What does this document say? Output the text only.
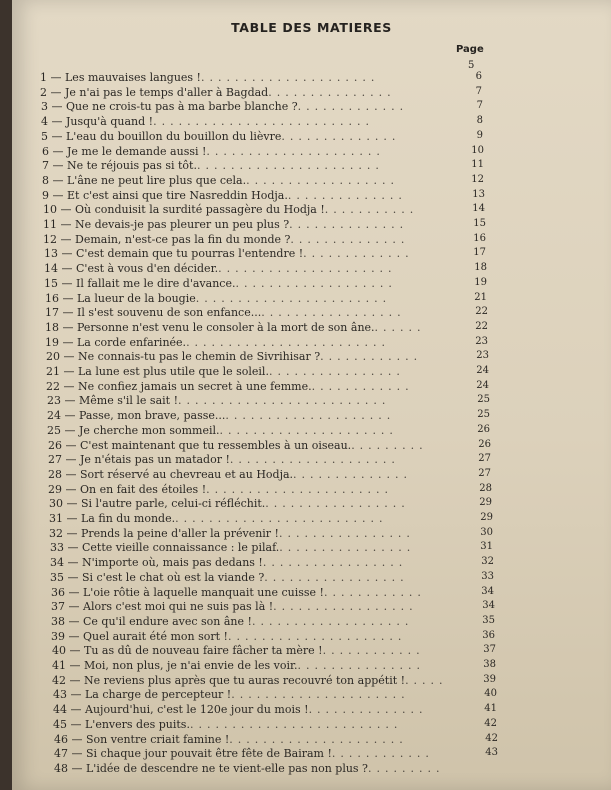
TABLE DES MATIERES
Page
5
1 — Les mauvaises langues !.....................	6
2 — Je n'ai pas le temps d'aller à Bagdad...............	7
3 — Que ne crois-tu pas à ma barbe blanche ?.............	7
4 — Jusqu'à quand !..........................	8
5 — L'eau du bouillon du bouillon du lièvre..............	9
6 — Je me le demande aussi !.....................	10
7 — Ne te réjouis pas si tôt.......................	11
8 — L'âne ne peut lire plus que cela...................	12
9 — Et c'est ainsi que tire Nasreddin Hodja...............	13
10 — Où conduisit la surdité passagère du Hodja !...........	14
11 — Ne devais-je pas pleurer un peu plus ?..............	15
12 — Demain, n'est-ce pas la fin du monde ?..............	16
13 — C'est demain que tu pourras l'entendre !.............	17
14 — C'est à vous d'en décider......................	18
15 — Il fallait me le dire d'avance....................	19
16 — La lueur de la bougie.......................	21
17 — Il s'est souvenu de son enfance....................	22
18 — Personne n'est venu le consoler à la mort de son âne.......	22
19 — La corde enfarinée.........................	23
20 — Ne connais-tu pas le chemin de Sivrihisar ?............	23
21 — La lune est plus utile que le soleil.................	24
22 — Ne confiez jamais un secret à une femme.............	24
23 — Même s'il le sait !.........................	25
24 — Passe, mon brave, passe.......................	25
25 — Je cherche mon sommeil......................	26
26 — C'est maintenant que tu ressembles à un oiseau..........	26
27 — Je n'étais pas un matador !....................	27
28 — Sort réservé au chevreau et au Hodja...............	27
29 — On en fait des étoiles !......................	28
30 — Si l'autre parle, celui-ci réfléchit..................	29
31 — La fin du monde..........................	29
32 — Prends la peine d'aller la prévenir !................	30
33 — Cette vieille connaissance : le pilaf.................	31
34 — N'importe où, mais pas dedans !.................	32
35 — Si c'est le chat où est la viande ?.................	33
36 — L'oie rôtie à laquelle manquait une cuisse !............	34
37 — Alors c'est moi qui ne suis pas là !.................	34
38 — Ce qu'il endure avec son âne !...................	35
39 — Quel aurait été mon sort !.....................	36
40 — Tu as dû de nouveau faire fâcher ta mère !............	37
41 — Moi, non plus, je n'ai envie de les voir................	38
42 — Ne reviens plus après que tu auras recouvré ton appétit !.....	39
43 — La charge de percepteur !.....................	40
44 — Aujourd'hui, c'est le 120e jour du mois !..............	41
45 — L'envers des puits..........................	42
46 — Son ventre criait famine !.....................	42
47 — Si chaque jour pouvait être fête de Bairam !............	43
48 — L'idée de descendre ne te vient-elle pas non plus ?.........
